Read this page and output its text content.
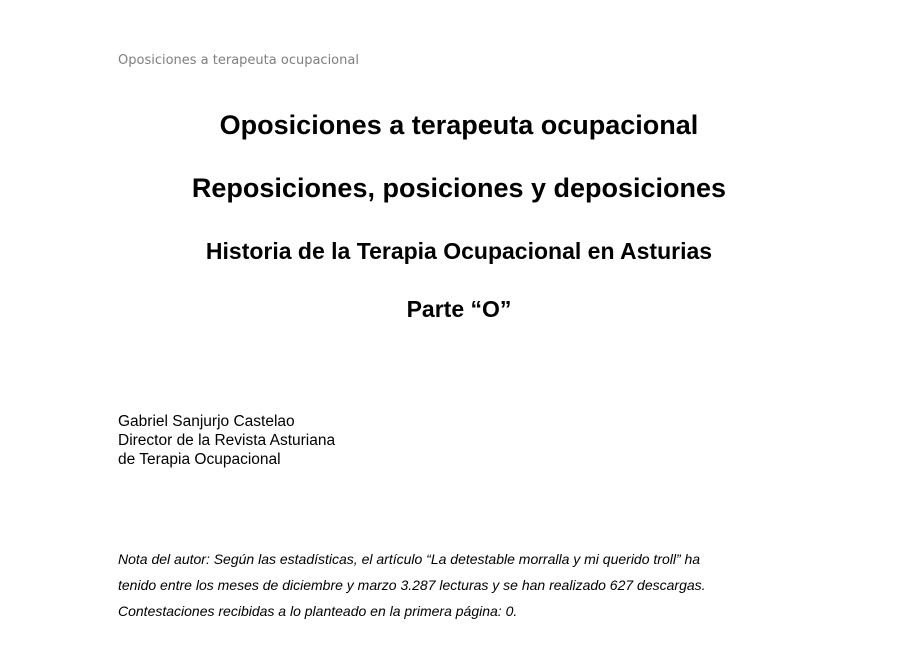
Oposiciones a terapeuta ocupacional
Oposiciones a terapeuta ocupacional
Reposiciones, posiciones y deposiciones
Historia de la Terapia Ocupacional en Asturias
Parte “O”
Gabriel Sanjurjo Castelao
Director de la Revista Asturiana
de Terapia Ocupacional
Nota del autor: Según las estadísticas, el artículo “La detestable morralla y mi querido troll” ha
tenido entre los meses de diciembre y marzo 3.287 lecturas y se han realizado 627 descargas.
Contestaciones recibidas a lo planteado en la primera página: 0.
